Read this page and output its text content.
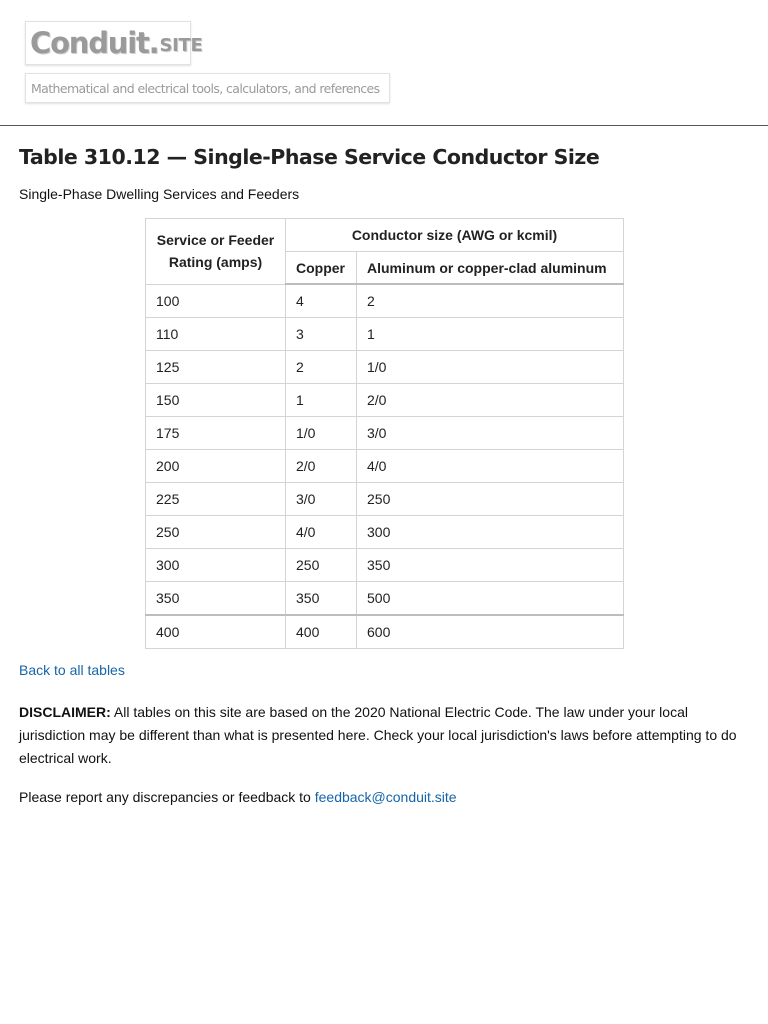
Conduit. SITE
Mathematical and electrical tools, calculators, and references
Table 310.12 — Single-Phase Service Conductor Size
Single-Phase Dwelling Services and Feeders
Service or Feeder
Rating (amps)	Conductor size (AWG or kcmil)	
	Copper	Aluminum or copper-clad aluminum
100	4	2
110	3	1
125	2	1/0
150	1	2/0
175	1/0	3/0
200	2/0	4/0
225	3/0	250
250	4/0	300
300	250	350
350	350	500
400	400	600
Back to all tables
DISCLAIMER: All tables on this site are based on the 2020 National Electric Code. The law under your local jurisdiction may be different than what is presented here. Check your local jurisdiction's laws before attempting to do electrical work.
Please report any discrepancies or feedback to feedback@conduit.site
